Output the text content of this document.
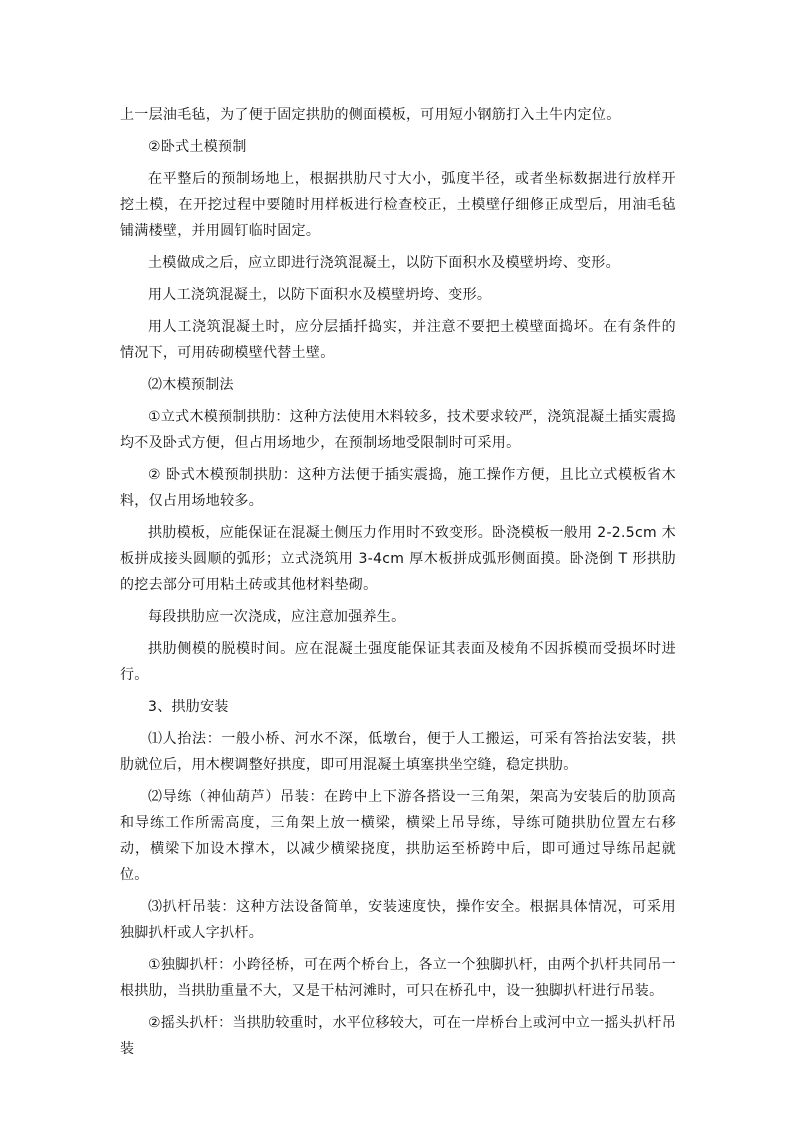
上一层油毛毡，为了便于固定拱肋的侧面模板，可用短小钢筋打入土牛内定位。

②卧式土模预制

在平整后的预制场地上，根据拱肋尺寸大小，弧度半径，或者坐标数据进行放样开挖土模，在开挖过程中要随时用样板进行检查校正，土模壁仔细修正成型后，用油毛毡铺满楼壁，并用圆钉临时固定。

土模做成之后，应立即进行浇筑混凝土，以防下面积水及模壁坍垮、变形。

用人工浇筑混凝土，以防下面积水及模壁坍垮、变形。

用人工浇筑混凝土时，应分层插扦捣实，并注意不要把土模壁面捣坏。在有条件的情况下，可用砖砌模壁代替土壁。

⑵木模预制法

①立式木模预制拱肋：这种方法使用木料较多，技术要求较严，浇筑混凝土插实震捣均不及卧式方便，但占用场地少，在预制场地受限制时可采用。

② 卧式木模预制拱肋：这种方法便于插实震捣，施工操作方便，且比立式模板省木料，仅占用场地较多。

拱肋模板，应能保证在混凝土侧压力作用时不致变形。卧浇模板一般用 2-2.5cm 木板拼成接头圆顺的弧形；立式浇筑用 3-4cm 厚木板拼成弧形侧面摸。卧浇倒 T 形拱肋的挖去部分可用粘土砖或其他材料垫砌。

每段拱肋应一次浇成，应注意加强养生。

拱肋侧模的脱模时间。应在混凝土强度能保证其表面及棱角不因拆模而受损坏时进行。

3、拱肋安装

⑴人抬法：一般小桥、河水不深，低墩台，便于人工搬运，可采有答抬法安装，拱肋就位后，用木楔调整好拱度，即可用混凝土填塞拱坐空缝，稳定拱肋。

⑵导练（神仙葫芦）吊装：在跨中上下游各搭设一三角架，架高为安装后的肋顶高和导练工作所需高度，三角架上放一横梁，横梁上吊导练，导练可随拱肋位置左右移动，横梁下加设木撑木，以减少横梁挠度，拱肋运至桥跨中后，即可通过导练吊起就位。

⑶扒杆吊装：这种方法设备简单，安装速度快，操作安全。根据具体情况，可采用独脚扒杆或人字扒杆。

①独脚扒杆：小跨径桥，可在两个桥台上，各立一个独脚扒杆，由两个扒杆共同吊一根拱肋，当拱肋重量不大，又是干枯河滩时，可只在桥孔中，设一独脚扒杆进行吊装。

②摇头扒杆：当拱肋较重时，水平位移较大，可在一岸桥台上或河中立一摇头扒杆吊装
